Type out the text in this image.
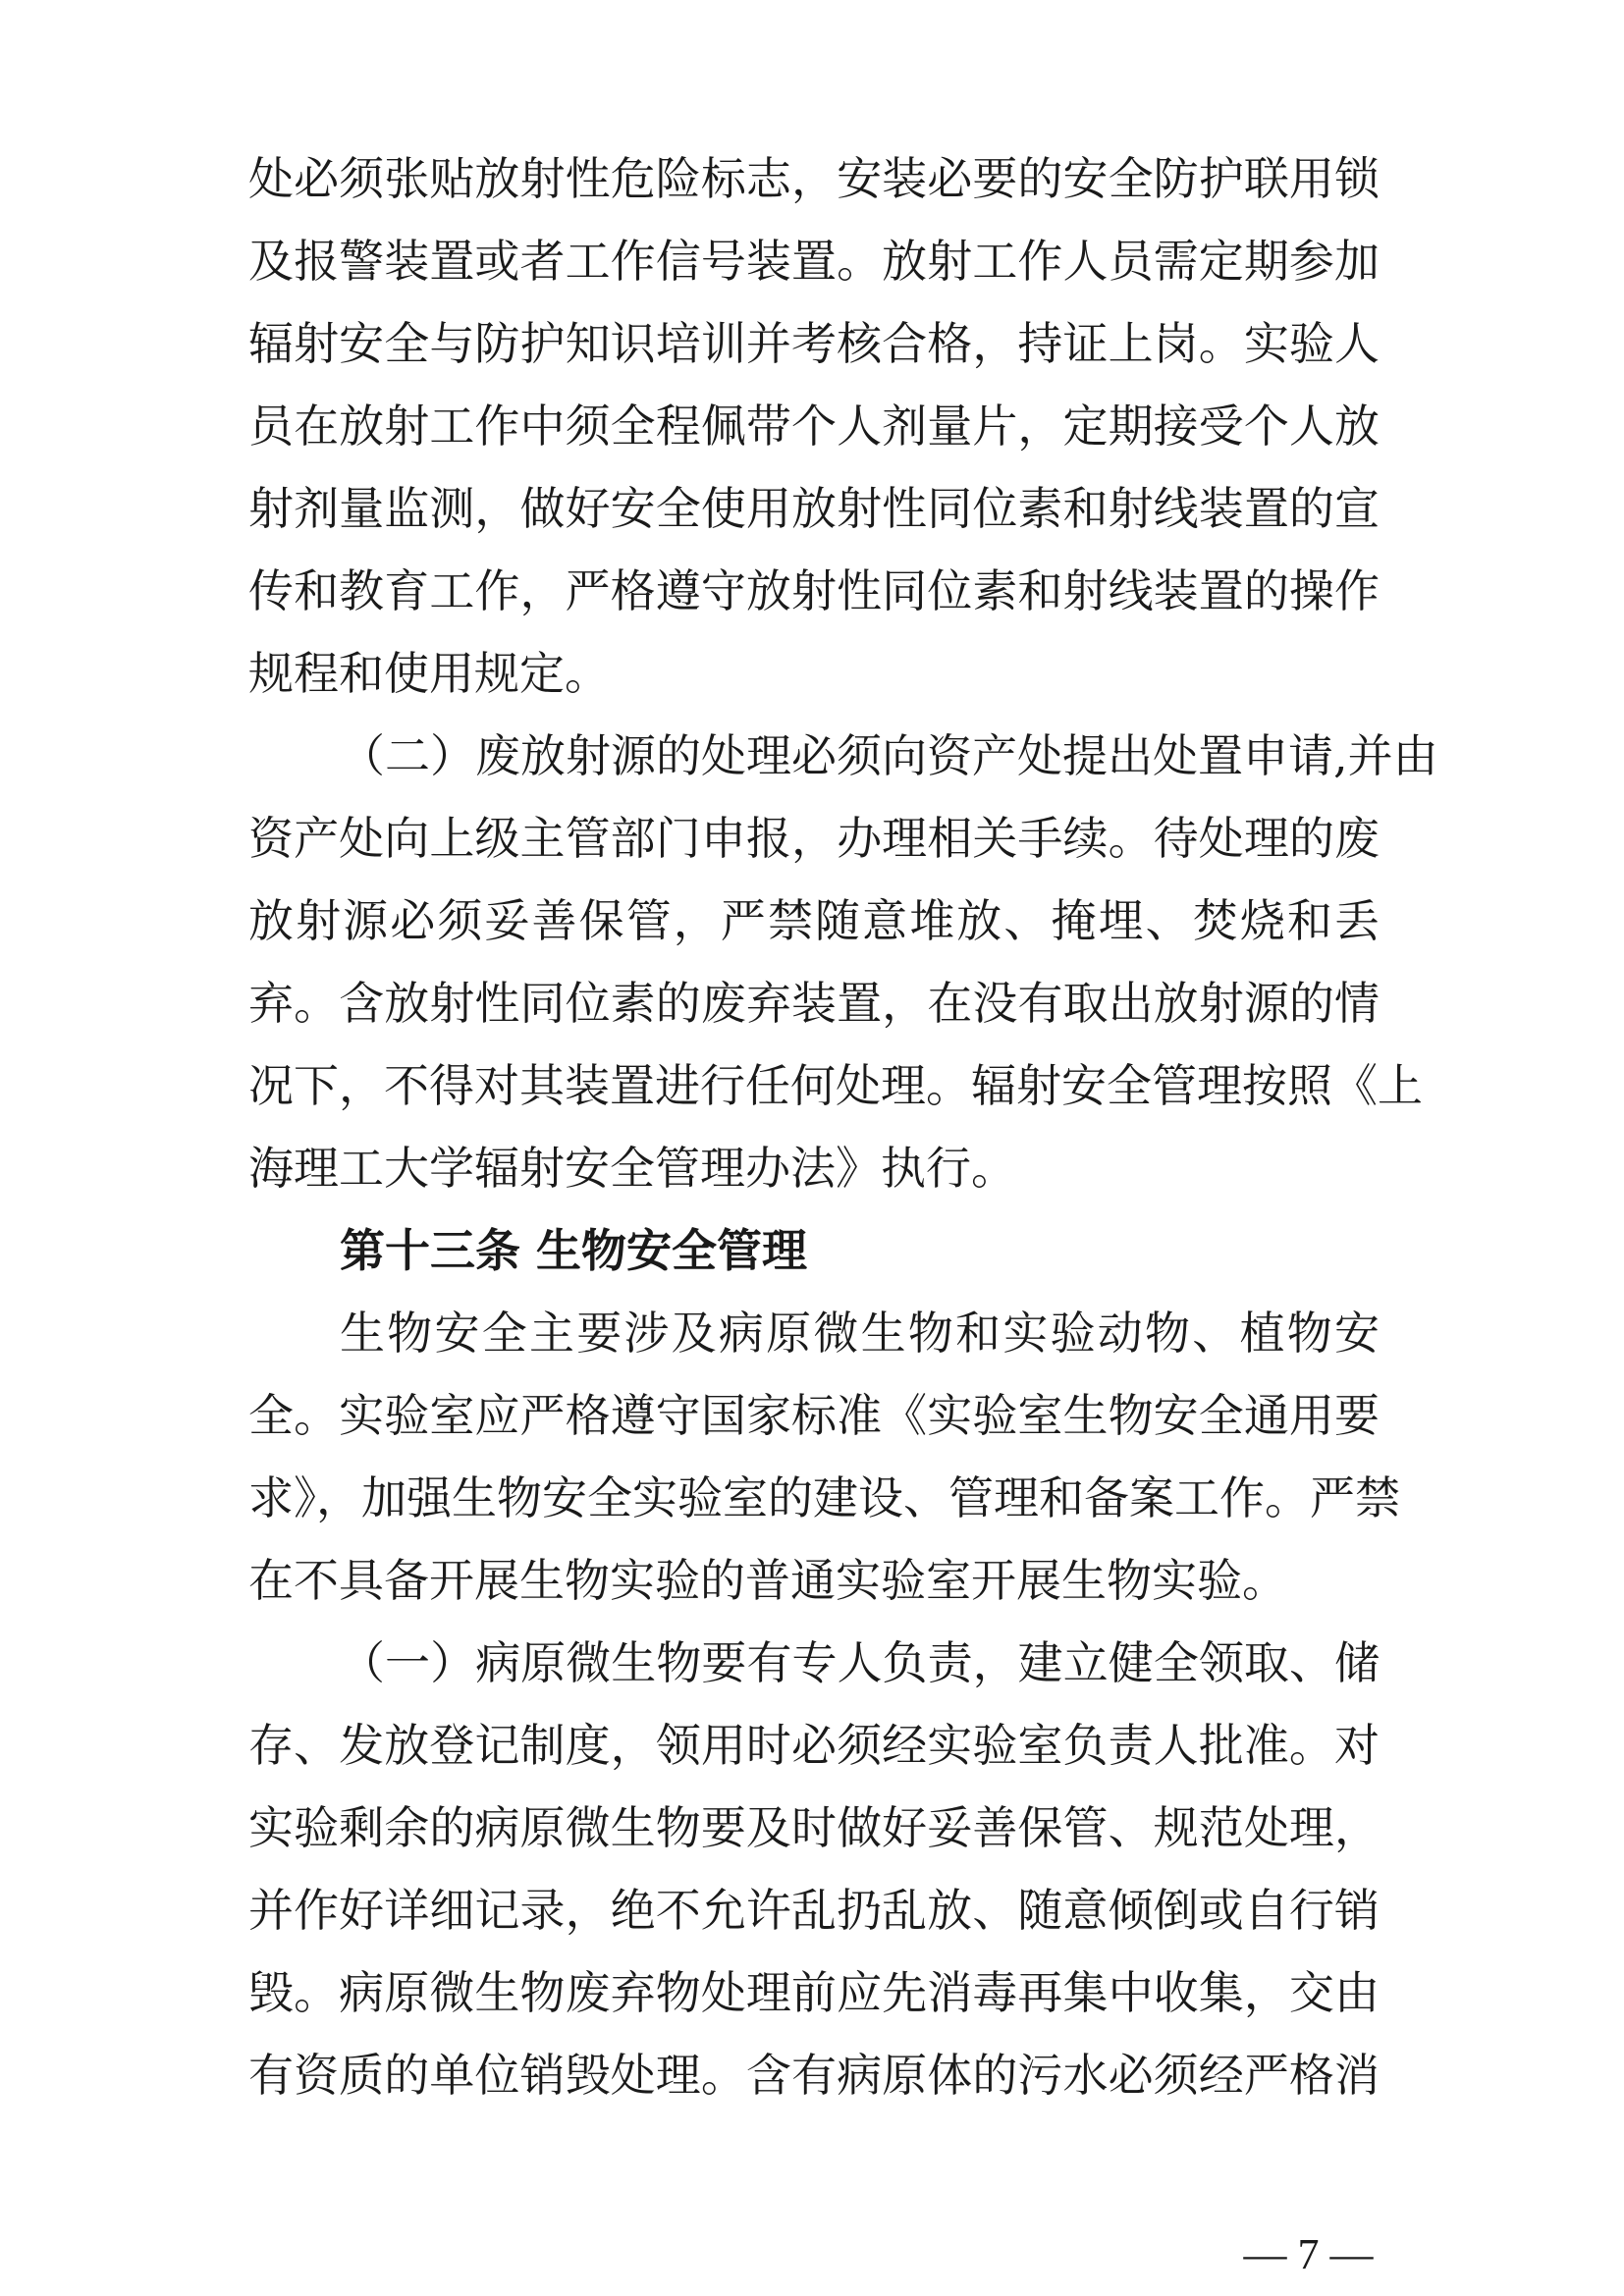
处必须张贴放射性危险标志，安装必要的安全防护联用锁
及报警装置或者工作信号装置。放射工作人员需定期参加
辐射安全与防护知识培训并考核合格，持证上岗。实验人
员在放射工作中须全程佩带个人剂量片，定期接受个人放
射剂量监测，做好安全使用放射性同位素和射线装置的宣
传和教育工作，严格遵守放射性同位素和射线装置的操作
规程和使用规定。
（二）废放射源的处理必须向资产处提出处置申请,并由
资产处向上级主管部门申报，办理相关手续。待处理的废
放射源必须妥善保管，严禁随意堆放、掩埋、焚烧和丢
弃。含放射性同位素的废弃装置，在没有取出放射源的情
况下，不得对其装置进行任何处理。辐射安全管理按照《上
海理工大学辐射安全管理办法》执行。
第十三条 生物安全管理
生物安全主要涉及病原微生物和实验动物、植物安
全。实验室应严格遵守国家标准《实验室生物安全通用要
求》，加强生物安全实验室的建设、管理和备案工作。严禁
在不具备开展生物实验的普通实验室开展生物实验。
（一）病原微生物要有专人负责，建立健全领取、储
存、发放登记制度，领用时必须经实验室负责人批准。对
实验剩余的病原微生物要及时做好妥善保管、规范处理，
并作好详细记录，绝不允许乱扔乱放、随意倾倒或自行销
毁。病原微生物废弃物处理前应先消毒再集中收集，交由
有资质的单位销毁处理。含有病原体的污水必须经严格消
— 7 —
